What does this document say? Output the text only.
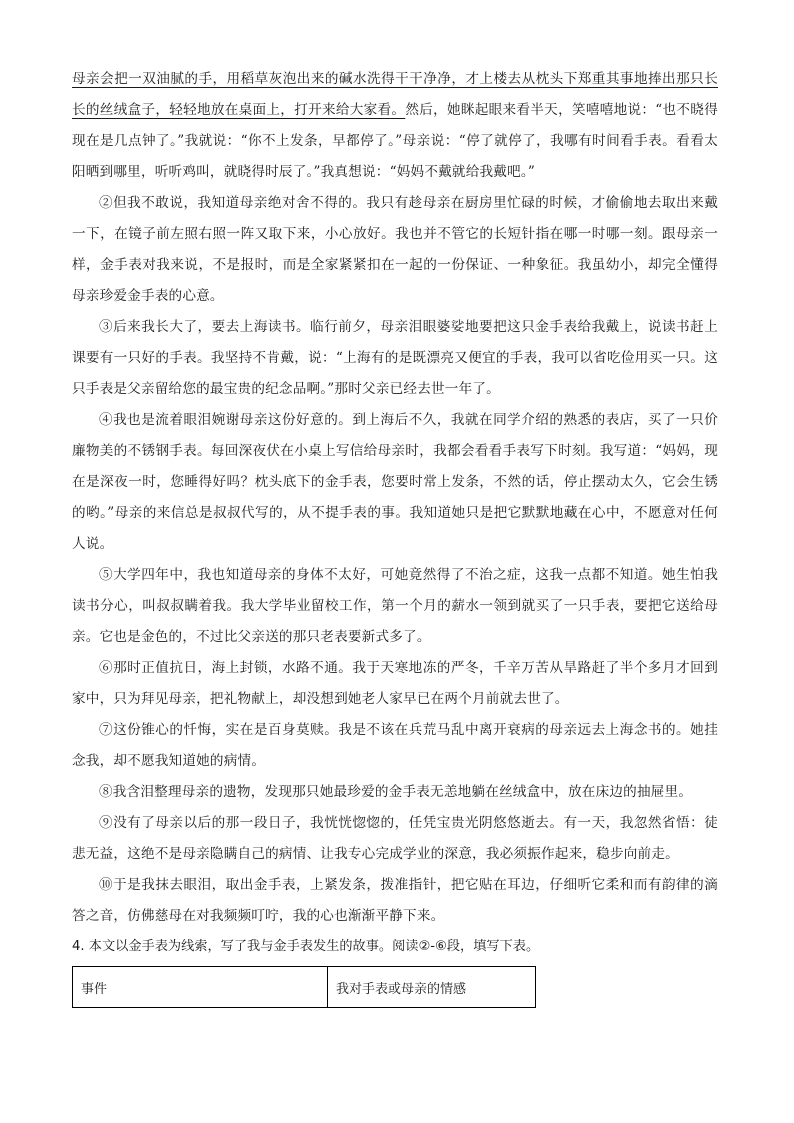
母亲会把一双油腻的手，用稻草灰泡出来的碱水洗得干干净净，才上楼去从枕头下郑重其事地捧出那只长长的丝绒盒子，轻轻地放在桌面上，打开来给大家看。然后，她眯起眼来看半天，笑嘻嘻地说：“也不晓得现在是几点钟了。”我就说：“你不上发条，早都停了。”母亲说：“停了就停了，我哪有时间看手表。看看太阳晒到哪里，听听鸡叫，就晓得时辰了。”我真想说：“妈妈不戴就给我戴吧。”

②但我不敢说，我知道母亲绝对舍不得的。我只有趁母亲在厨房里忙碌的时候，才偷偷地去取出来戴一下，在镜子前左照右照一阵又取下来，小心放好。我也并不管它的长短针指在哪一时哪一刻。跟母亲一样，金手表对我来说，不是报时，而是全家紧紧扣在一起的一份保证、一种象征。我虽幼小，却完全懂得母亲珍爱金手表的心意。

③后来我长大了，要去上海读书。临行前夕，母亲泪眼婆娑地要把这只金手表给我戴上，说读书赶上课要有一只好的手表。我坚持不肯戴，说：“上海有的是既漂亮又便宜的手表，我可以省吃俭用买一只。这只手表是父亲留给您的最宝贵的纪念品啊。”那时父亲已经去世一年了。

④我也是流着眼泪婉谢母亲这份好意的。到上海后不久，我就在同学介绍的熟悉的表店，买了一只价廉物美的不锈钢手表。每回深夜伏在小桌上写信给母亲时，我都会看看手表写下时刻。我写道：“妈妈，现在是深夜一时，您睡得好吗？枕头底下的金手表，您要时常上发条，不然的话，停止摆动太久，它会生锈的哟。”母亲的来信总是叔叔代写的，从不提手表的事。我知道她只是把它默默地藏在心中，不愿意对任何人说。

⑤大学四年中，我也知道母亲的身体不太好，可她竟然得了不治之症，这我一点都不知道。她生怕我读书分心，叫叔叔瞒着我。我大学毕业留校工作，第一个月的薪水一领到就买了一只手表，要把它送给母亲。它也是金色的，不过比父亲送的那只老表要新式多了。

⑥那时正值抗日，海上封锁，水路不通。我于天寒地冻的严冬，千辛万苦从旱路赶了半个多月才回到家中，只为拜见母亲，把礼物献上，却没想到她老人家早已在两个月前就去世了。

⑦这份锥心的忏悔，实在是百身莫赎。我是不该在兵荒马乱中离开衰病的母亲远去上海念书的。她挂念我，却不愿我知道她的病情。

⑧我含泪整理母亲的遗物，发现那只她最珍爱的金手表无恙地躺在丝绒盒中，放在床边的抽屉里。

⑨没有了母亲以后的那一段日子，我恍恍惚惚的，任凭宝贵光阴悠悠逝去。有一天，我忽然省悟：徒悲无益，这绝不是母亲隐瞒自己的病情、让我专心完成学业的深意，我必须振作起来，稳步向前走。

⑩于是我抹去眼泪，取出金手表，上紧发条，拨准指针，把它贴在耳边，仔细听它柔和而有韵律的滴答之音，仿佛慈母在对我频频叮咛，我的心也渐渐平静下来。

4. 本文以金手表为线索，写了我与金手表发生的故事。阅读②-⑥段，填写下表。

事件	我对手表或母亲的情感
